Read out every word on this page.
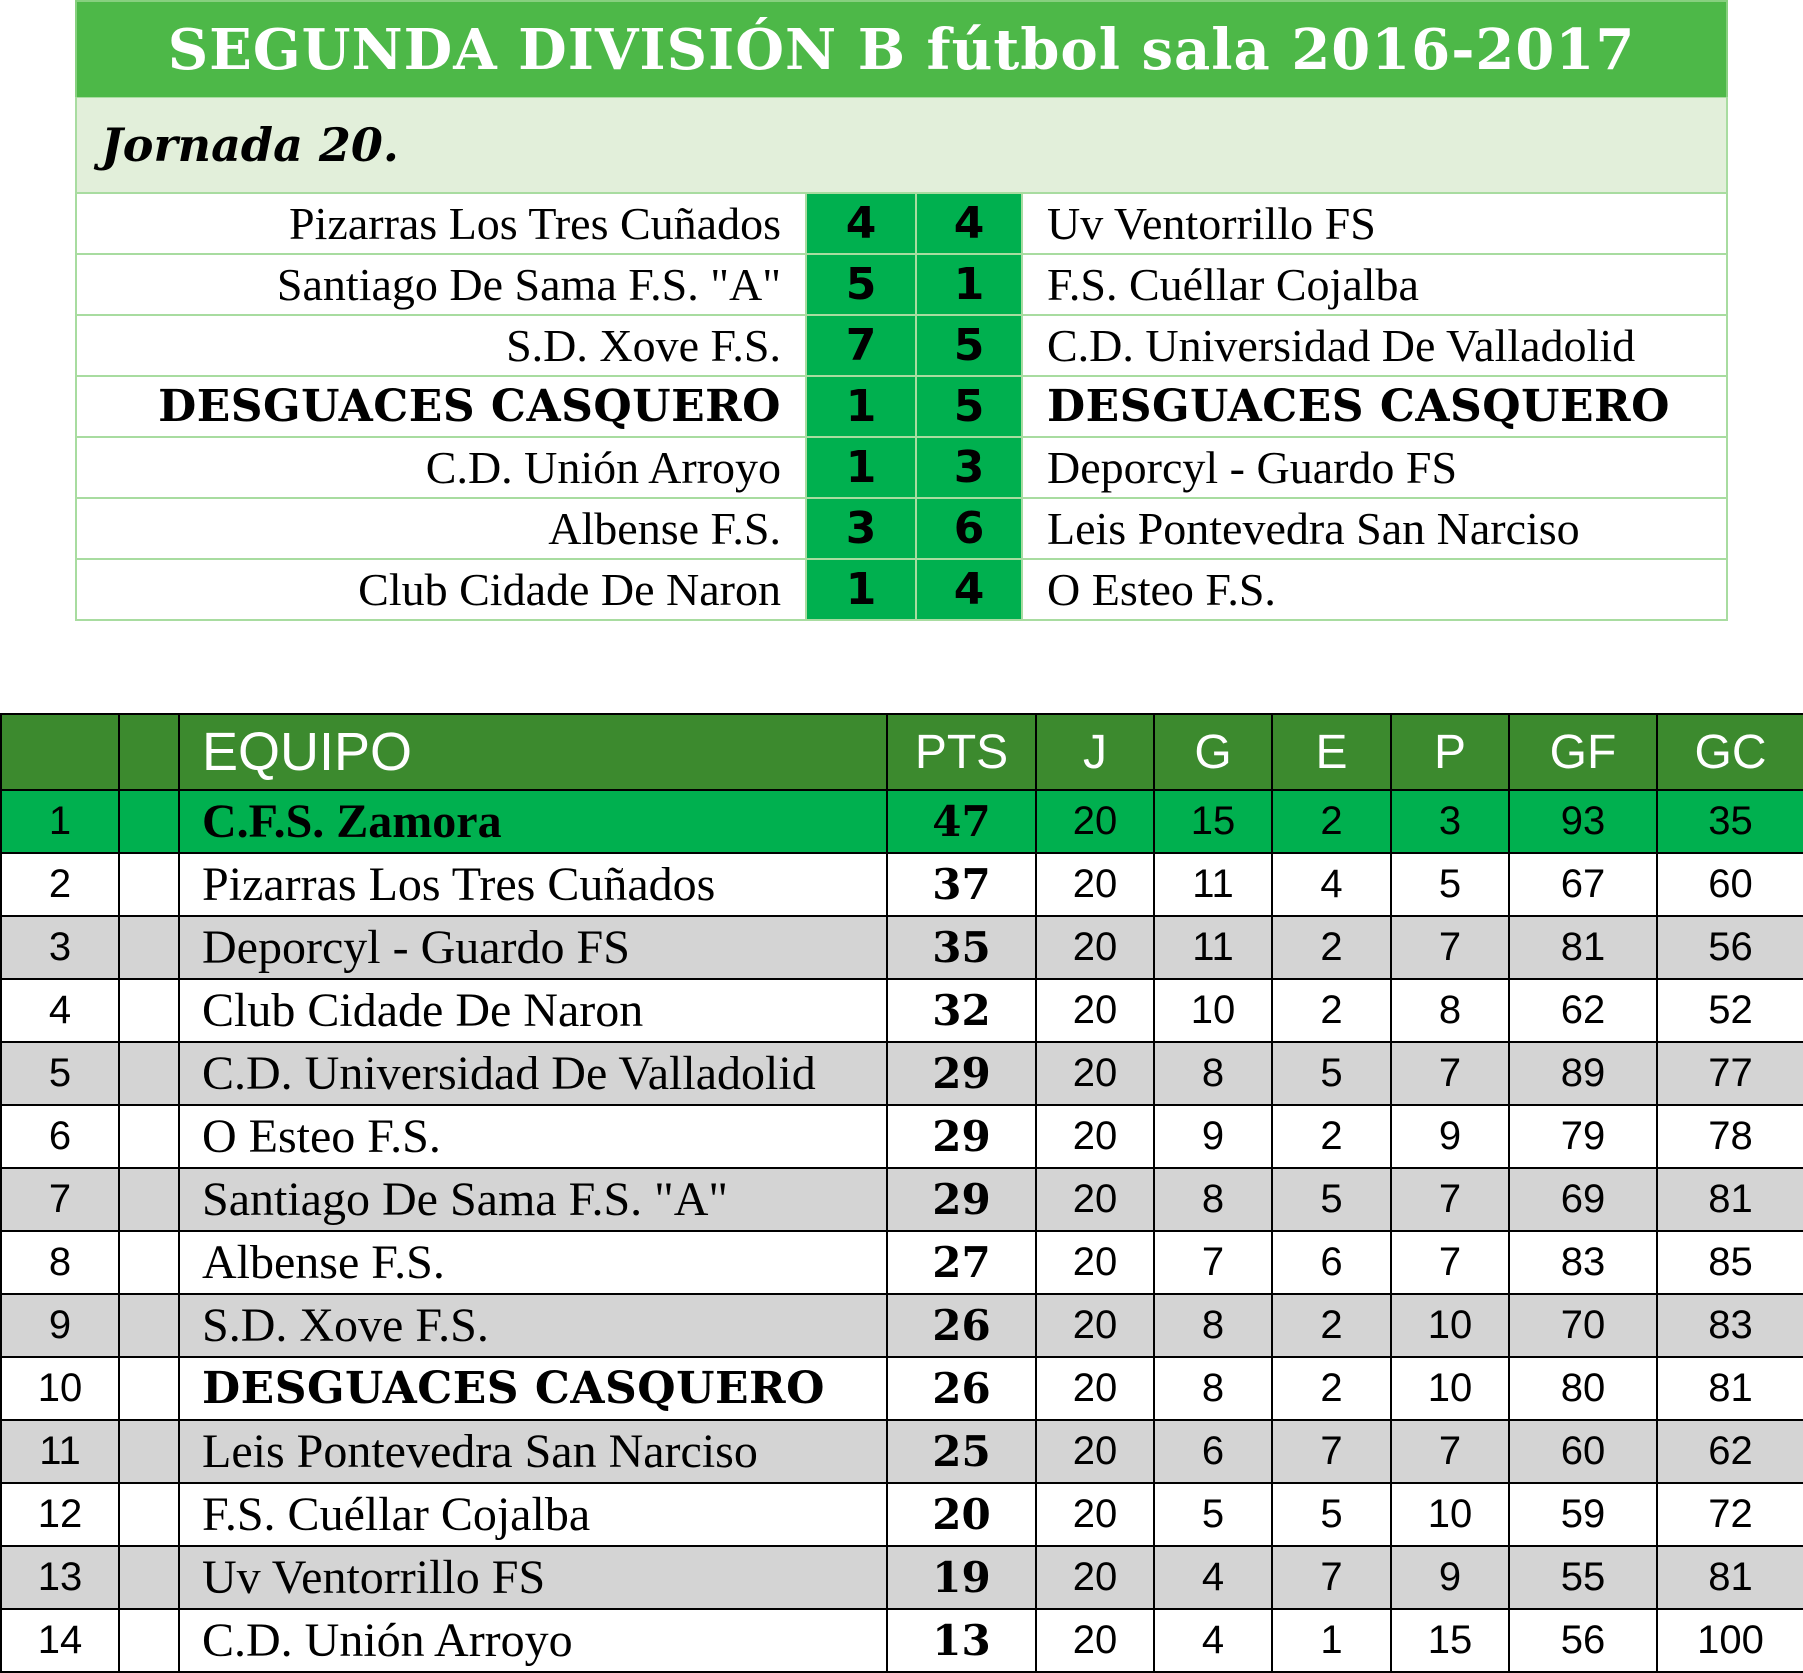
SEGUNDA DIVISIÓN B fútbol sala 2016-2017
Jornada 20.
Pizarras Los Tres Cuñados	4	4	Uv Ventorrillo FS
Santiago De Sama F.S. "A"	5	1	F.S. Cuéllar Cojalba
S.D. Xove F.S.	7	5	C.D. Universidad De Valladolid
DESGUACES CASQUERO	1	5	DESGUACES CASQUERO
C.D. Unión Arroyo	1	3	Deporcyl - Guardo FS
Albense F.S.	3	6	Leis Pontevedra San Narciso
Club Cidade De Naron	1	4	O Esteo F.S.
		EQUIPO	PTS	J	G	E	P	GF	GC
1		C.F.S. Zamora	47	20	15	2	3	93	35
2		Pizarras Los Tres Cuñados	37	20	11	4	5	67	60
3		Deporcyl - Guardo FS	35	20	11	2	7	81	56
4		Club Cidade De Naron	32	20	10	2	8	62	52
5		C.D. Universidad De Valladolid	29	20	8	5	7	89	77
6		O Esteo F.S.	29	20	9	2	9	79	78
7		Santiago De Sama F.S. "A"	29	20	8	5	7	69	81
8		Albense F.S.	27	20	7	6	7	83	85
9		S.D. Xove F.S.	26	20	8	2	10	70	83
10		DESGUACES CASQUERO	26	20	8	2	10	80	81
11		Leis Pontevedra San Narciso	25	20	6	7	7	60	62
12		F.S. Cuéllar Cojalba	20	20	5	5	10	59	72
13		Uv Ventorrillo FS	19	20	4	7	9	55	81
14		C.D. Unión Arroyo	13	20	4	1	15	56	100
